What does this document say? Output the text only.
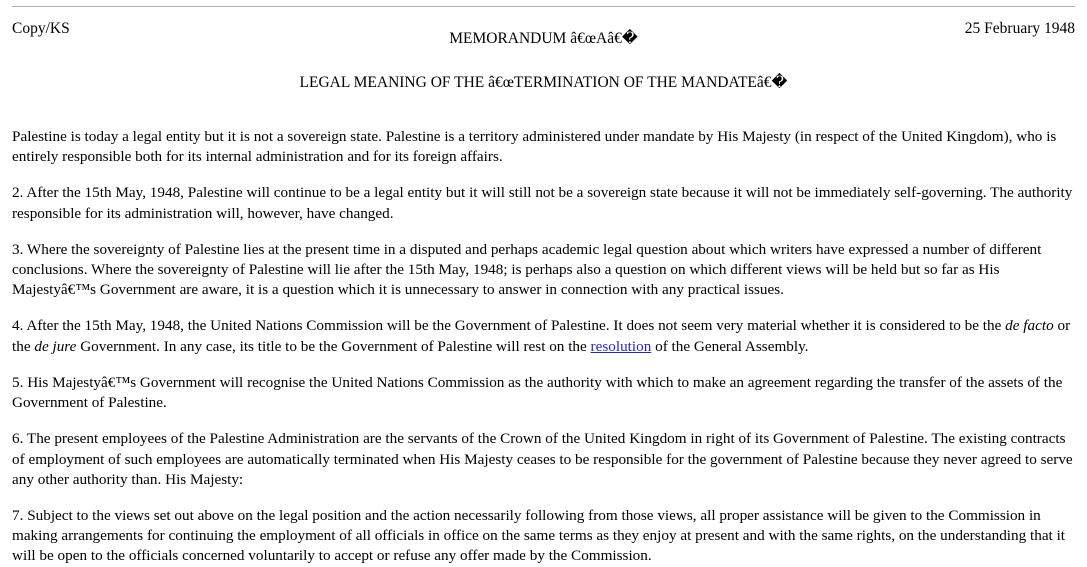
Copy/KS	25 February 1948
MEMORANDUM â€œAâ€�
LEGAL MEANING OF THE â€œTERMINATION OF THE MANDATEâ€�

Palestine is today a legal entity but it is not a sovereign state. Palestine is a territory administered under mandate by His Majesty (in respect of the United Kingdom), who is entirely responsible both for its internal administration and for its foreign affairs.

2. After the 15th May, 1948, Palestine will continue to be a legal entity but it will still not be a sovereign state because it will not be immediately self-governing. The authority responsible for its administration will, however, have changed.

3. Where the sovereignty of Palestine lies at the present time in a disputed and perhaps academic legal question about which writers have expressed a number of different conclusions. Where the sovereignty of Palestine will lie after the 15th May, 1948; is perhaps also a question on which different views will be held but so far as His Majestyâ€™s Government are aware, it is a question which it is unnecessary to answer in connection with any practical issues.

4. After the 15th May, 1948, the United Nations Commission will be the Government of Palestine. It does not seem very material whether it is considered to be the de facto or the de jure Government. In any case, its title to be the Government of Palestine will rest on the resolution of the General Assembly.

5. His Majestyâ€™s Government will recognise the United Nations Commission as the authority with which to make an agreement regarding the transfer of the assets of the Government of Palestine.

6. The present employees of the Palestine Administration are the servants of the Crown of the United Kingdom in right of its Government of Palestine. The existing contracts of employment of such employees are automatically terminated when His Majesty ceases to be responsible for the government of Palestine because they never agreed to serve any other authority than. His Majesty:

7. Subject to the views set out above on the legal position and the action necessarily following from those views, all proper assistance will be given to the Commission in making arrangements for continuing the employment of all officials in office on the same terms as they enjoy at present and with the same rights, on the understanding that it will be open to the officials concerned voluntarily to accept or refuse any offer made by the Commission.
